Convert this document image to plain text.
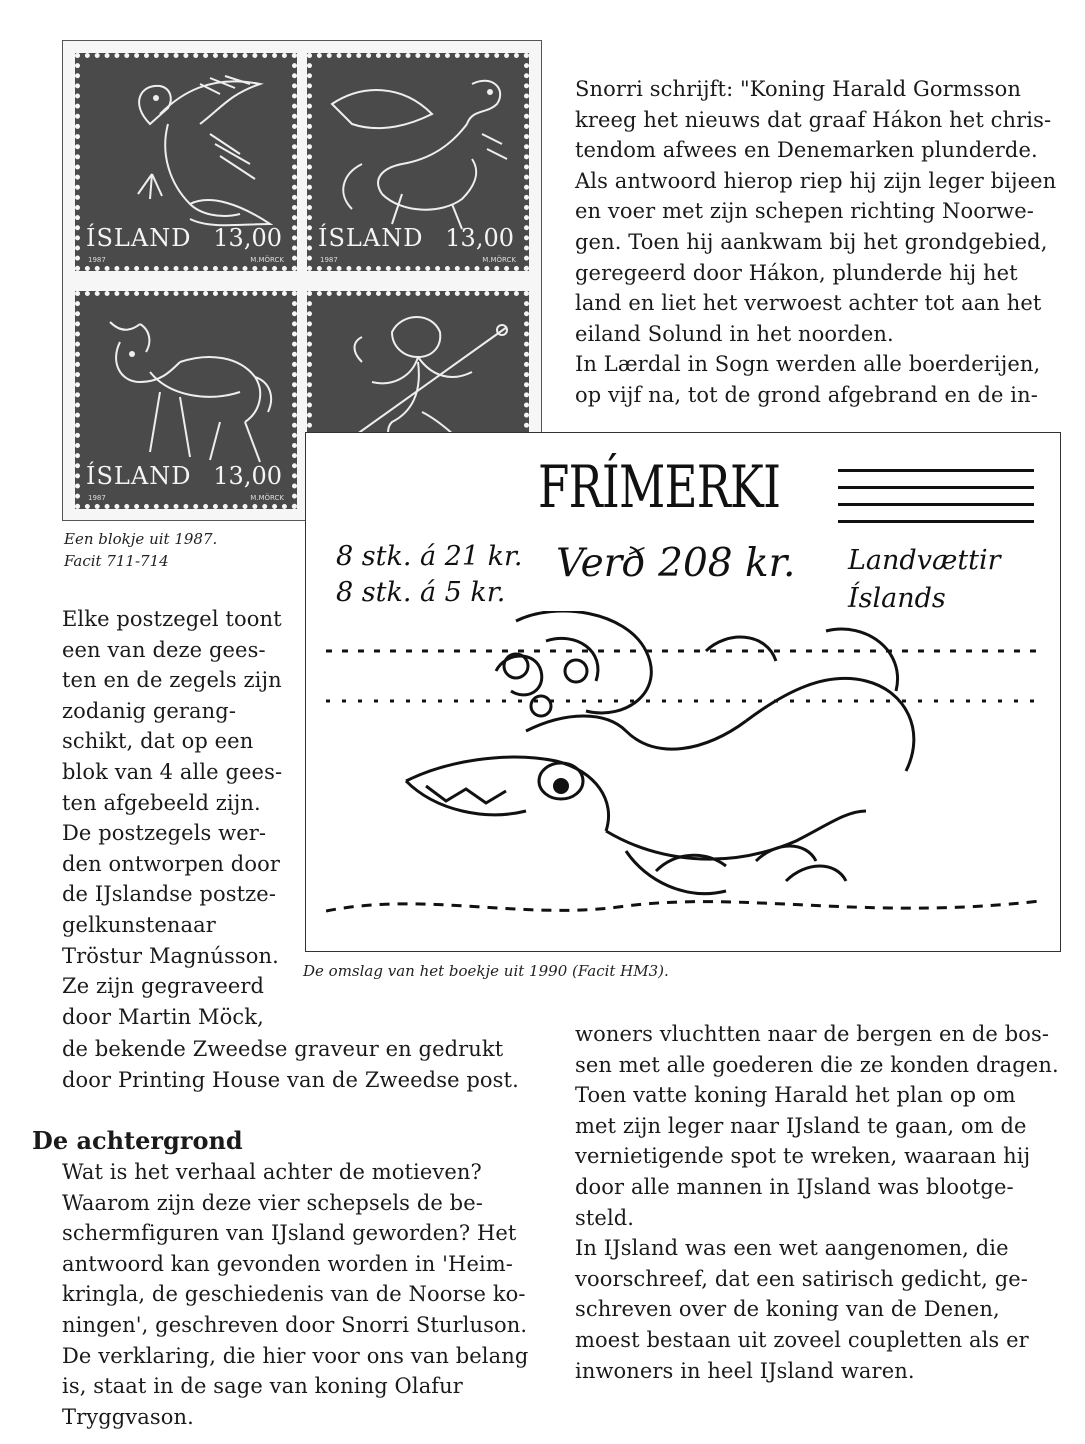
ÍSLAND 13,00
1987	M.MÖRCK
ÍSLAND 13,00
1987	M.MÖRCK
ÍSLAND 13,00
1987	M.MÖRCK

Een blokje uit 1987.
Facit 711-714

Snorri schrijft: "Koning Harald Gormsson
kreeg het nieuws dat graaf Hákon het chris-
tendom afwees en Denemarken plunderde.
Als antwoord hierop riep hij zijn leger bijeen
en voer met zijn schepen richting Noorwe-
gen. Toen hij aankwam bij het grondgebied,
geregeerd door Hákon, plunderde hij het
land en liet het verwoest achter tot aan het
eiland Solund in het noorden.
In Lærdal in Sogn werden alle boerderijen,
op vijf na, tot de grond afgebrand en de in-

FRÍMERKI
8 stk. á 21 kr.
8 stk. á 5 kr.
Verð 208 kr. Landvættir
Íslands

De omslag van het boekje uit 1990 (Facit HM3).

Elke postzegel toont
een van deze gees-
ten en de zegels zijn
zodanig gerang-
schikt, dat op een
blok van 4 alle gees-
ten afgebeeld zijn.
De postzegels wer-
den ontworpen door
de IJslandse postze-
gelkunstenaar
Tröstur Magnússon.
Ze zijn gegraveerd
door Martin Möck,

de bekende Zweedse graveur en gedrukt
door Printing House van de Zweedse post.

De achtergrond

Wat is het verhaal achter de motieven?
Waarom zijn deze vier schepsels de be-
schermfiguren van IJsland geworden? Het
antwoord kan gevonden worden in 'Heim-
kringla, de geschiedenis van de Noorse ko-
ningen', geschreven door Snorri Sturluson.
De verklaring, die hier voor ons van belang
is, staat in de sage van koning Olafur
Tryggvason.

woners vluchtten naar de bergen en de bos-
sen met alle goederen die ze konden dragen.
Toen vatte koning Harald het plan op om
met zijn leger naar IJsland te gaan, om de
vernietigende spot te wreken, waaraan hij
door alle mannen in IJsland was blootge-
steld.
In IJsland was een wet aangenomen, die
voorschreef, dat een satirisch gedicht, ge-
schreven over de koning van de Denen,
moest bestaan uit zoveel coupletten als er
inwoners in heel IJsland waren.
